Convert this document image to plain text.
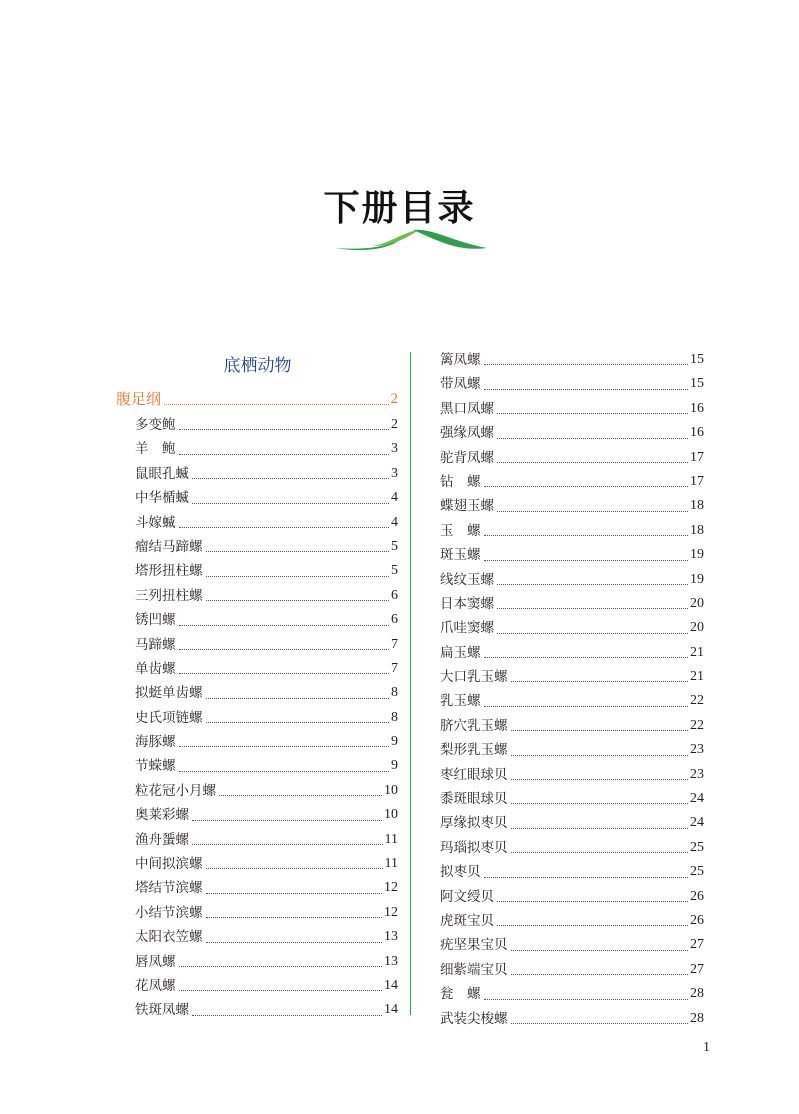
下册目录
底栖动物
腹足纲	2
多变鲍	2
羊　鲍	3
鼠眼孔蝛	3
中华楯蝛	4
斗嫁蝛	4
瘤结马蹄螺	5
塔形扭柱螺	5
三列扭柱螺	6
锈凹螺	6
马蹄螺	7
单齿螺	7
拟蜓单齿螺	8
史氏项链螺	8
海豚螺	9
节蝾螺	9
粒花冠小月螺	10
奥莱彩螺	10
渔舟蜑螺	11
中间拟滨螺	11
塔结节滨螺	12
小结节滨螺	12
太阳衣笠螺	13
唇凤螺	13
花凤螺	14
铁斑凤螺	14
篱凤螺	15
带凤螺	15
黑口凤螺	16
强缘凤螺	16
驼背凤螺	17
钻　螺	17
蝶翅玉螺	18
玉　螺	18
斑玉螺	19
线纹玉螺	19
日本窦螺	20
爪哇窦螺	20
扁玉螺	21
大口乳玉螺	21
乳玉螺	22
脐穴乳玉螺	22
梨形乳玉螺	23
枣红眼球贝	23
黍斑眼球贝	24
厚缘拟枣贝	24
玛瑙拟枣贝	25
拟枣贝	25
阿文绶贝	26
虎斑宝贝	26
疣坚果宝贝	27
细紫端宝贝	27
瓮　螺	28
武装尖梭螺	28
1
